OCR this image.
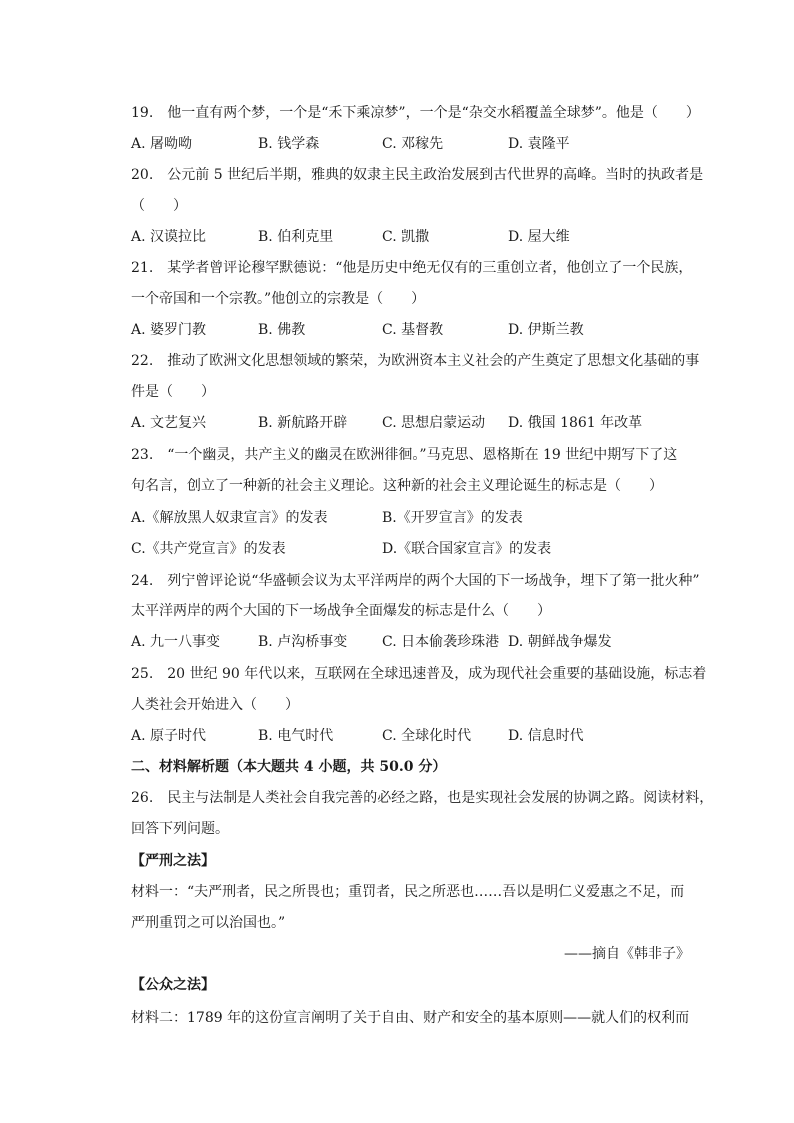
19.　他一直有两个梦，一个是“禾下乘凉梦”，一个是“杂交水稻覆盖全球梦”。他是（　　）
A. 屠呦呦	B. 钱学森	C. 邓稼先	D. 袁隆平
20.　公元前 5 世纪后半期，雅典的奴隶主民主政治发展到古代世界的高峰。当时的执政者是
（　　）
A. 汉谟拉比	B. 伯利克里	C. 凯撒	D. 屋大维
21.　某学者曾评论穆罕默德说：“他是历史中绝无仅有的三重创立者，他创立了一个民族，
一个帝国和一个宗教。”他创立的宗教是（　　）
A. 婆罗门教	B. 佛教	C. 基督教	D. 伊斯兰教
22.　推动了欧洲文化思想领域的繁荣，为欧洲资本主义社会的产生奠定了思想文化基础的事
件是（　　）
A. 文艺复兴	B. 新航路开辟 C. 思想启蒙运动 D. 俄国 1861 年改革
23.　“一个幽灵，共产主义的幽灵在欧洲徘徊。”马克思、恩格斯在 19 世纪中期写下了这
句名言，创立了一种新的社会主义理论。这种新的社会主义理论诞生的标志是（　　）
A.《解放黑人奴隶宣言》的发表	B.《开罗宣言》的发表
C.《共产党宣言》的发表	D.《联合国家宣言》的发表
24.　列宁曾评论说“华盛顿会议为太平洋两岸的两个大国的下一场战争，埋下了第一批火种”
太平洋两岸的两个大国的下一场战争全面爆发的标志是什么（　　）
A. 九一八事变	B. 卢沟桥事变 C. 日本偷袭珍珠港 D. 朝鲜战争爆发
25.　20 世纪 90 年代以来，互联网在全球迅速普及，成为现代社会重要的基础设施，标志着
人类社会开始进入（　　）
A. 原子时代	B. 电气时代	C. 全球化时代	D. 信息时代
二、材料解析题（本大题共 4 小题，共 50.0 分）
26.　民主与法制是人类社会自我完善的必经之路，也是实现社会发展的协调之路。阅读材料，
回答下列问题。
【严刑之法】
材料一：“夫严刑者，民之所畏也；重罚者，民之所恶也……吾以是明仁义爱惠之不足，而
严刑重罚之可以治国也。”
——摘自《韩非子》
【公众之法】
材料二：1789 年的这份宣言阐明了关于自由、财产和安全的基本原则——就人们的权利而
